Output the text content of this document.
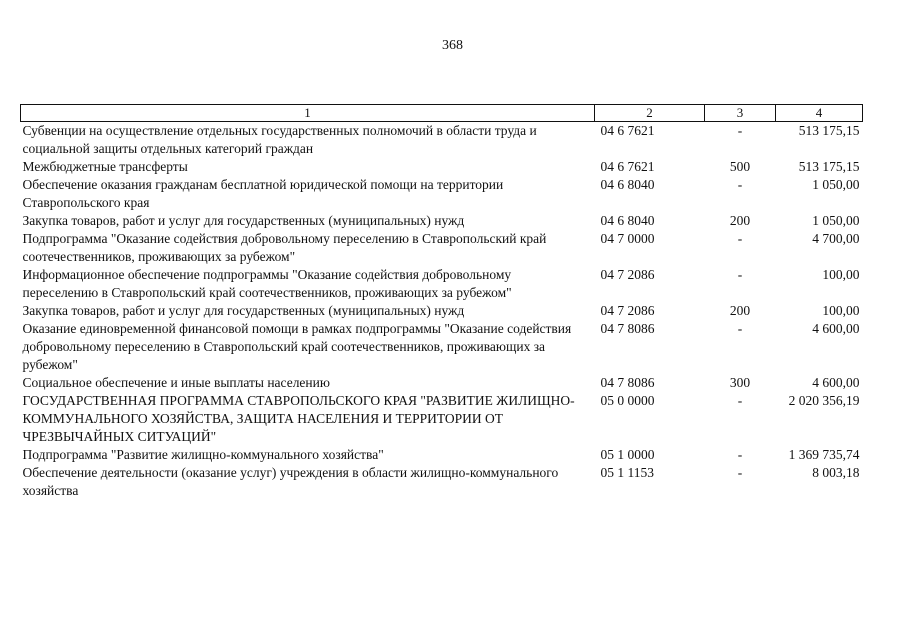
368
1	2	3	4
Субвенции на осуществление отдельных государственных полномочий в области труда и социальной защиты отдельных категорий граждан	04 6 7621	-	513 175,15
Межбюджетные трансферты	04 6 7621	500	513 175,15
Обеспечение оказания гражданам бесплатной юридической помощи на территории Ставропольского края	04 6 8040	-	1 050,00
Закупка товаров, работ и услуг для государственных (муниципальных) нужд	04 6 8040	200	1 050,00
Подпрограмма "Оказание содействия добровольному переселению в Ставропольский край соотечественников, проживающих за рубежом"	04 7 0000	-	4 700,00
Информационное обеспечение подпрограммы "Оказание содействия добровольному переселению в Ставропольский край соотечественников, проживающих за рубежом"	04 7 2086	-	100,00
Закупка товаров, работ и услуг для государственных (муниципальных) нужд	04 7 2086	200	100,00
Оказание единовременной финансовой помощи в рамках подпрограммы "Оказание содействия добровольному переселению в Ставропольский край соотечественников, проживающих за рубежом"	04 7 8086	-	4 600,00
Социальное обеспечение и иные выплаты населению	04 7 8086	300	4 600,00
ГОСУДАРСТВЕННАЯ ПРОГРАММА СТАВРОПОЛЬСКОГО КРАЯ "РАЗВИТИЕ ЖИЛИЩНО-КОММУНАЛЬНОГО ХОЗЯЙСТВА, ЗАЩИТА НАСЕЛЕНИЯ И ТЕРРИТОРИИ ОТ ЧРЕЗВЫЧАЙНЫХ СИТУАЦИЙ"	05 0 0000	-	2 020 356,19
Подпрограмма "Развитие жилищно-коммунального хозяйства"	05 1 0000	-	1 369 735,74
Обеспечение деятельности (оказание услуг) учреждения в области жилищно-коммунального хозяйства	05 1 1153	-	8 003,18
